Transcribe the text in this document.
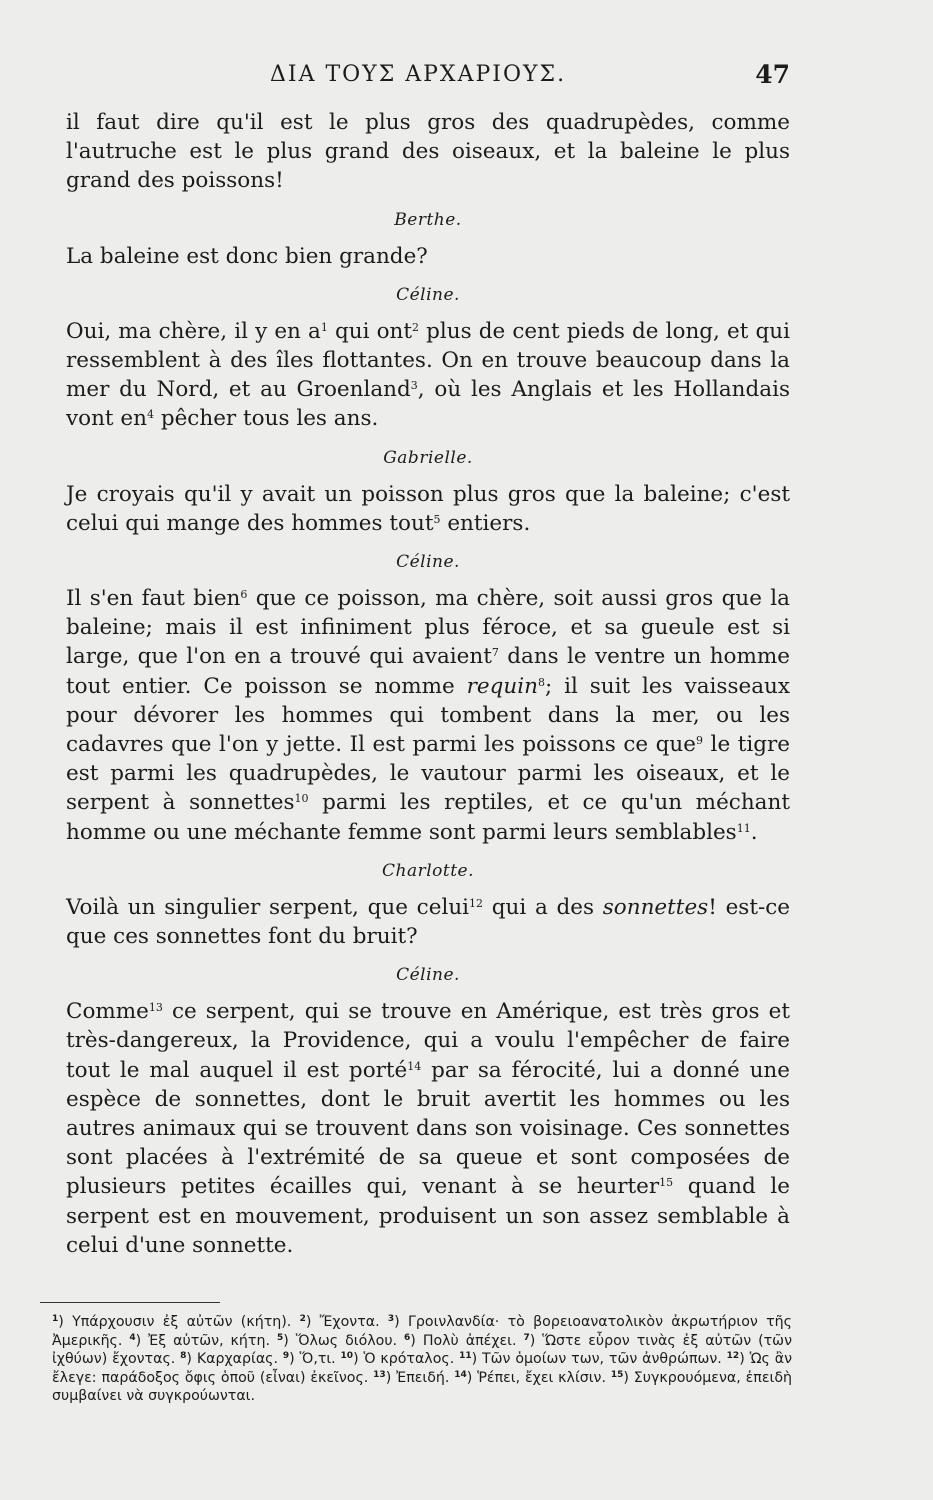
ΔΙΑ ΤΟΥΣ ΑΡΧΑΡΙΟΥΣ.	47

il faut dire qu'il est le plus gros des quadrupèdes, comme l'autruche est le plus grand des oiseaux, et la baleine le plus grand des poissons!

Berthe.

La baleine est donc bien grande?

Céline.

Oui, ma chère, il y en $a^1$ qui ont$^2$ plus de cent pieds de long, et qui ressemblent à des îles flottantes. On en trouve beaucoup dans la mer du Nord, et au Groenland$^3$, où les Anglais et les Hollandais vont $en^4$ pêcher tous les ans.

Gabrielle.

Je croyais qu'il y avait un poisson plus gros que la baleine; c'est celui qui mange des hommes tout$^5$ entiers.

Céline.

Il s'en faut bien$^6$ que ce poisson, ma chère, soit aussi gros que la baleine; mais il est infiniment plus féroce, et sa gueule est si large, que l'on en a trouvé qui avaient$^7$ dans le ventre un homme tout entier. Ce poisson se nomme requin$^8$; il suit les vaisseaux pour dévorer les hommes qui tombent dans la mer, ou les cadavres que l'on y jette. Il est parmi les poissons ce que$^9$ le tigre est parmi les quadrupèdes, le vautour parmi les oiseaux, et le serpent à sonnettes$^{10}$ parmi les reptiles, et ce qu'un méchant homme ou une méchante femme sont parmi leurs semblables$^{11}$.

Charlotte.

Voilà un singulier serpent, que celui$^{12}$ qui a des sonnettes! est-ce que ces sonnettes font du bruit?

Céline.

Comme$^{13}$ ce serpent, qui se trouve en Amérique, est très gros et très-dangereux, la Providence, qui a voulu l'empêcher de faire tout le mal auquel il est porté$^{14}$ par sa férocité, lui a donné une espèce de sonnettes, dont le bruit avertit les hommes ou les autres animaux qui se trouvent dans son voisinage. Ces sonnettes sont placées à l'extrémité de sa queue et sont composées de plusieurs petites écailles qui, venant à se heurter$^{15}$ quand le serpent est en mouvement, produisent un son assez semblable à celui d'une sonnette.

$^1$) Υπάρχουσιν ἐξ αὐτῶν (κήτη). $^2$) Ἔχοντα. $^3$) Γροινλανδία· τὸ βορειοανατολικὸν ἀκρωτήριον τῆς Ἀμερικῆς. $^4$) Ἐξ αὐτῶν, κήτη. $^5$) Ὅλως διόλου. $^6$) Πολὺ ἀπέχει. $^7$) Ὥστε εὗρον τινὰς ἐξ αὐτῶν (τῶν ἰχθύων) ἔχοντας. $^8$) Καρχαρίας. $^9$) Ὅ,τι. $^{10}$) Ὁ κρόταλος. $^{11}$) Τῶν ὁμοίων των, τῶν ἀνθρώπων. $^{12}$) Ὡς ἂν ἔλεγε: παράδοξος ὄφις ὁποῦ (εἶναι) ἐκεῖνος. $^{13}$) Ἐπειδή. $^{14}$) Ῥέπει, ἔχει κλίσιν. $^{15}$) Συγκρουόμενα, ἐπειδὴ συμβαίνει νὰ συγκρούωνται.
